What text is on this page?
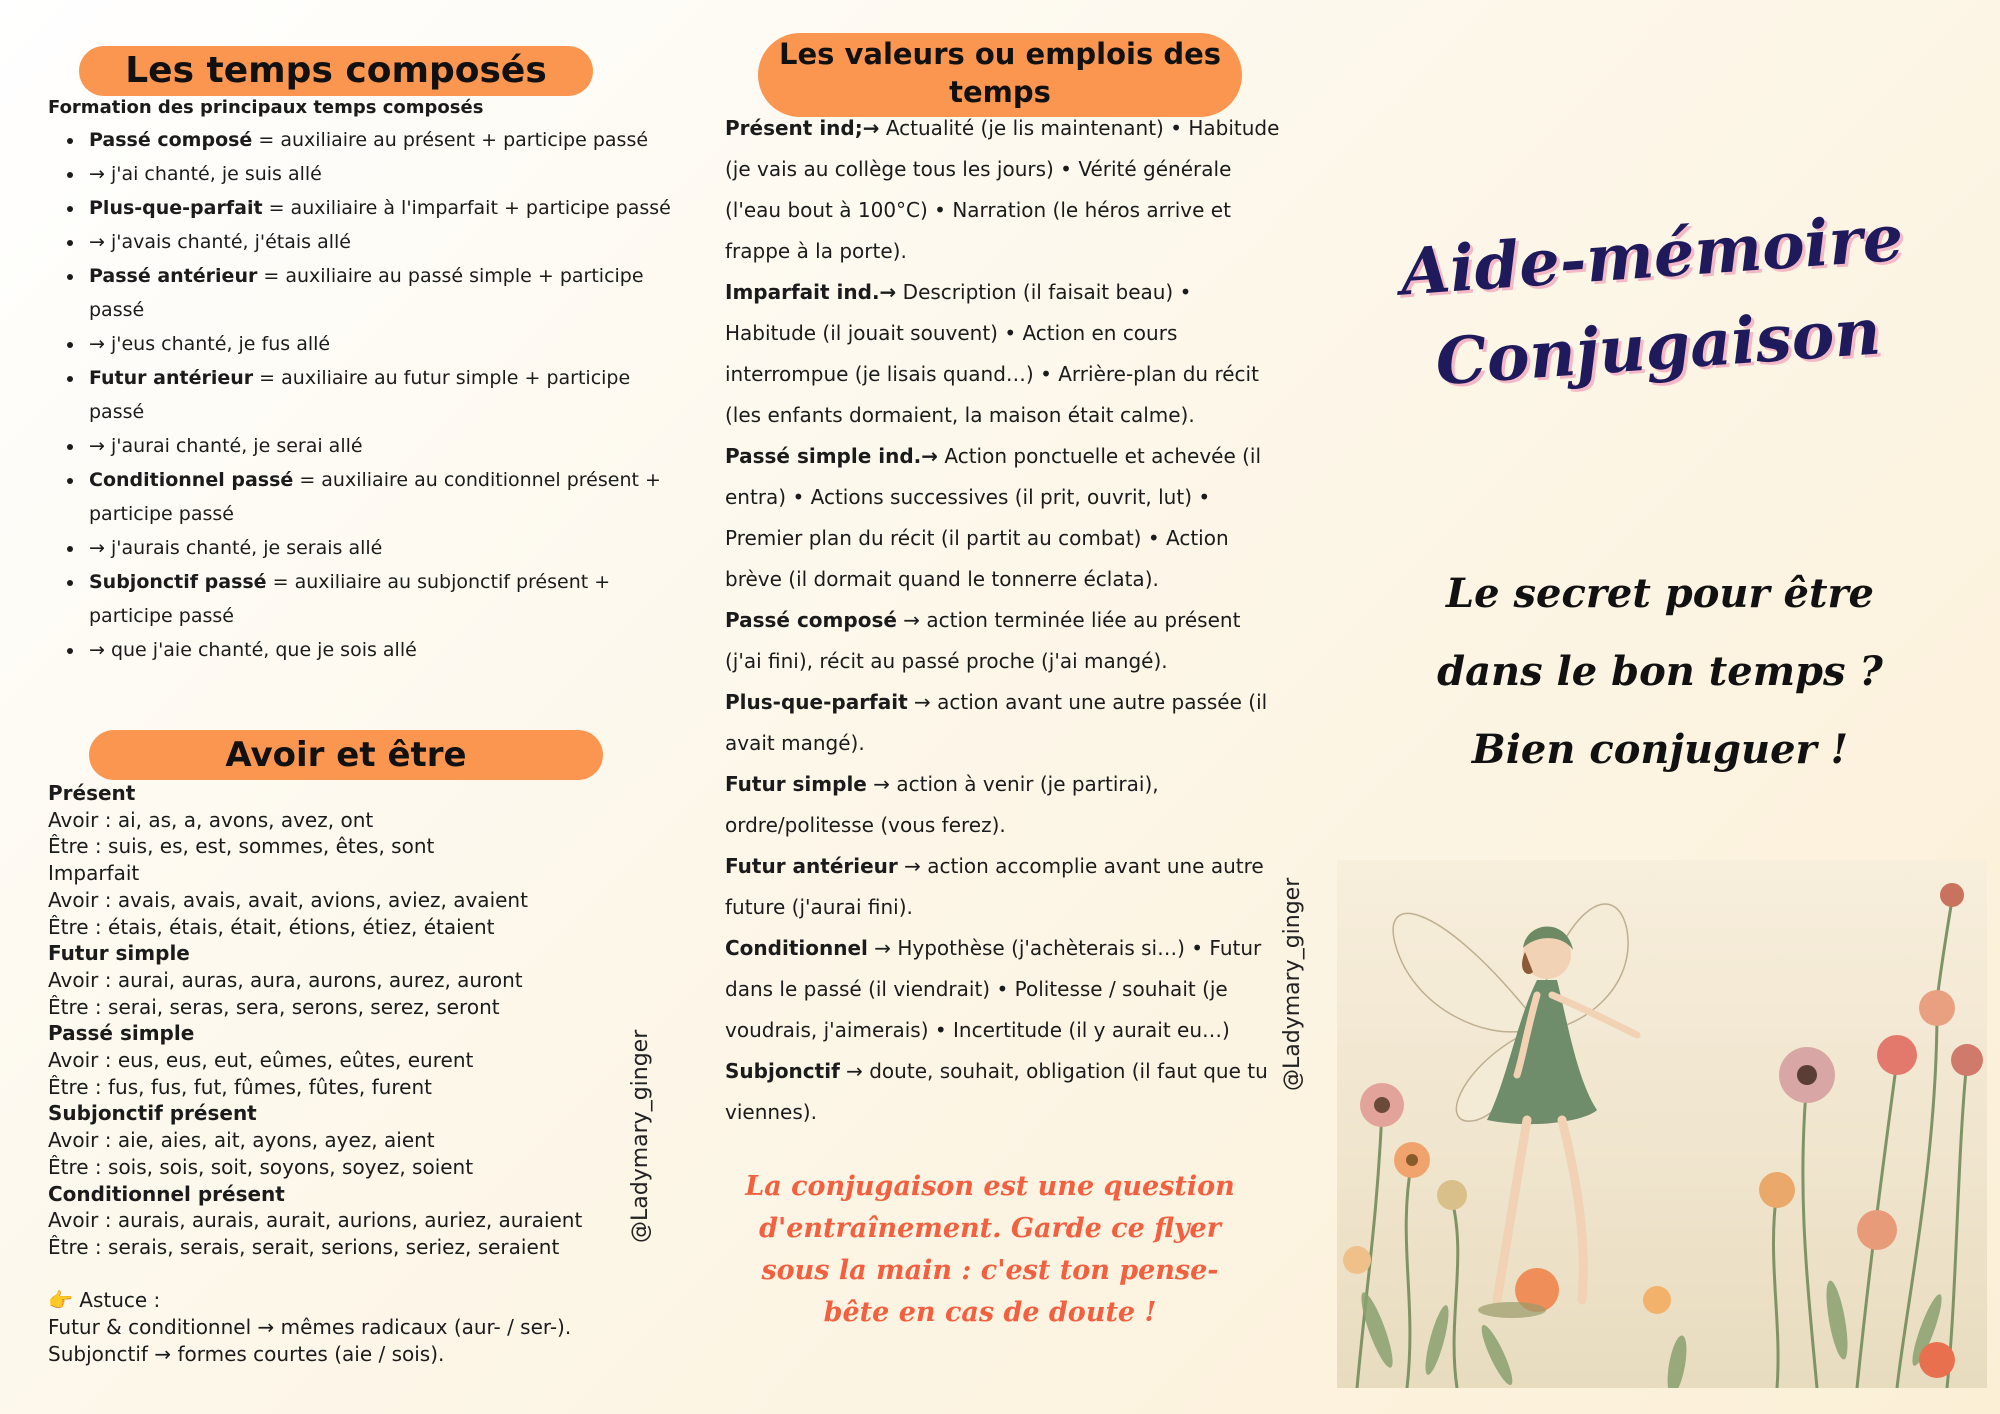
Les temps composés
Formation des principaux temps composés
• Passé composé = auxiliaire au présent + participe passé
• → j'ai chanté, je suis allé
• Plus-que-parfait = auxiliaire à l'imparfait + participe passé
• → j'avais chanté, j'étais allé
• Passé antérieur = auxiliaire au passé simple + participe passé
• → j'eus chanté, je fus allé
• Futur antérieur = auxiliaire au futur simple + participe passé
• → j'aurai chanté, je serai allé
• Conditionnel passé = auxiliaire au conditionnel présent + participe passé
• → j'aurais chanté, je serais allé
• Subjonctif passé = auxiliaire au subjonctif présent + participe passé
• → que j'aie chanté, que je sois allé
Avoir et être
Présent
Avoir : ai, as, a, avons, avez, ont
Être : suis, es, est, sommes, êtes, sont
Imparfait
Avoir : avais, avais, avait, avions, aviez, avaient
Être : étais, étais, était, étions, étiez, étaient
Futur simple
Avoir : aurai, auras, aura, aurons, aurez, auront
Être : serai, seras, sera, serons, serez, seront
Passé simple
Avoir : eus, eus, eut, eûmes, eûtes, eurent
Être : fus, fus, fut, fûmes, fûtes, furent
Subjonctif présent
Avoir : aie, aies, ait, ayons, ayez, aient
Être : sois, sois, soit, soyons, soyez, soient
Conditionnel présent
Avoir : aurais, aurais, aurait, aurions, auriez, auraient
Être : serais, serais, serait, serions, seriez, seraient
👉 Astuce :
Futur & conditionnel → mêmes radicaux (aur- / ser-).
Subjonctif → formes courtes (aie / sois).
@Ladymary_ginger
@Ladymary_ginger
Les valeurs ou emplois des temps

Présent ind;→ Actualité (je lis maintenant) • Habitude (je vais au collège tous les jours) • Vérité générale (l'eau bout à 100°C) • Narration (le héros arrive et frappe à la porte).

Imparfait ind.→ Description (il faisait beau) • Habitude (il jouait souvent) • Action en cours interrompue (je lisais quand…) • Arrière-plan du récit (les enfants dormaient, la maison était calme).

Passé simple ind.→ Action ponctuelle et achevée (il entra) • Actions successives (il prit, ouvrit, lut) • Premier plan du récit (il partit au combat) • Action brève (il dormait quand le tonnerre éclata).

Passé composé → action terminée liée au présent (j'ai fini), récit au passé proche (j'ai mangé).

Plus-que-parfait → action avant une autre passée (il avait mangé).

Futur simple → action à venir (je partirai), ordre/politesse (vous ferez).

Futur antérieur → action accomplie avant une autre future (j'aurai fini).

Conditionnel → Hypothèse (j'achèterais si…) • Futur dans le passé (il viendrait) • Politesse / souhait (je voudrais, j'aimerais) • Incertitude (il y aurait eu…)

Subjonctif → doute, souhait, obligation (il faut que tu viennes).

La conjugaison est une question d'entraînement. Garde ce flyer sous la main : c'est ton pense-bête en cas de doute !
Aide-mémoire
Conjugaison
Le secret pour être
dans le bon temps ?
Bien conjuguer !
